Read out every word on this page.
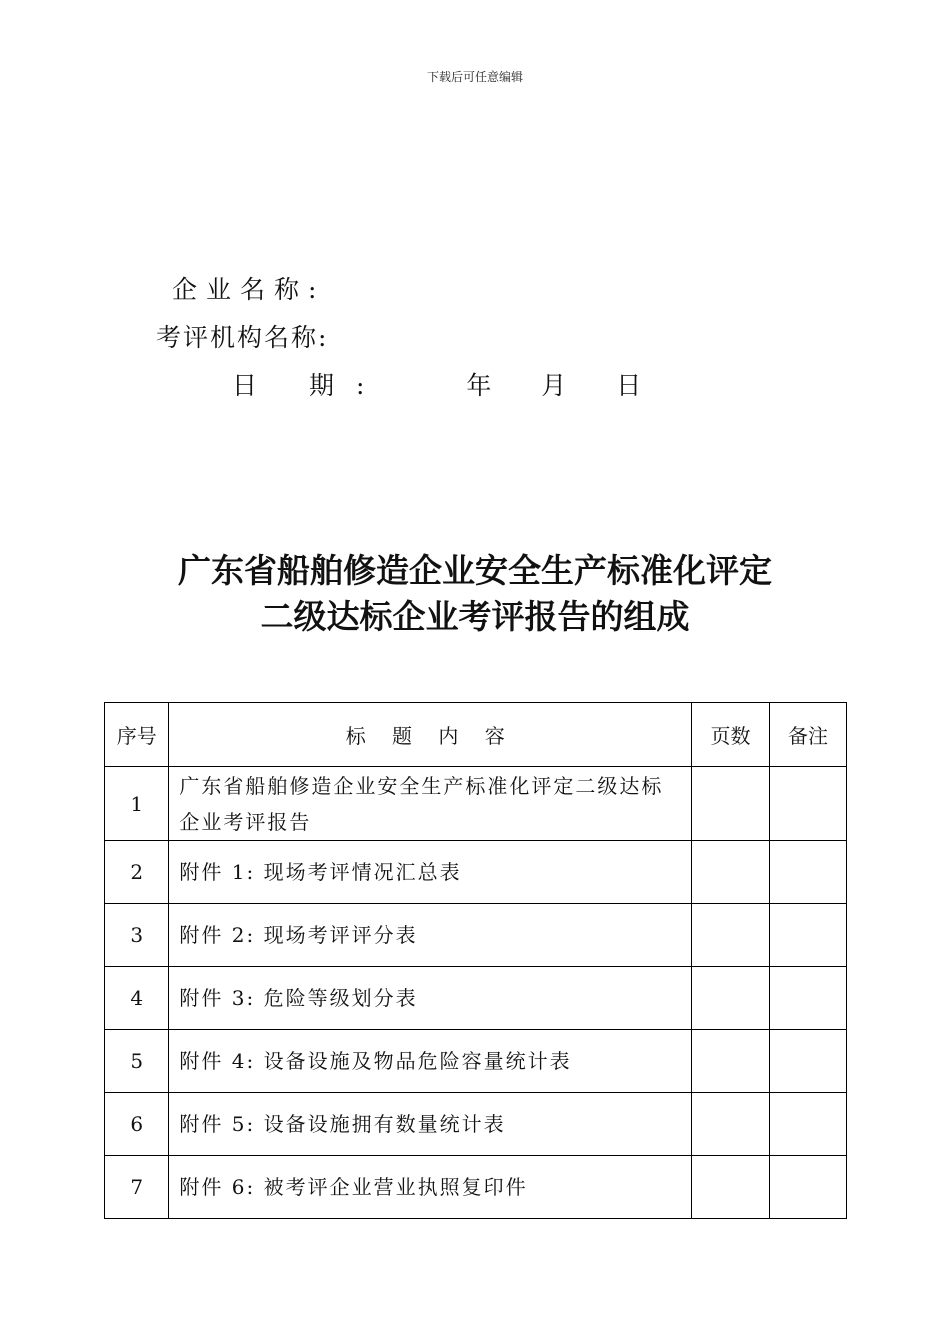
下载后可任意编辑
企业名称:
考评机构名称:
日 期:	年 月 日
广东省船舶修造企业安全生产标准化评定
二级达标企业考评报告的组成
序号	标 题 内 容	页数	备注
1	广东省船舶修造企业安全生产标准化评定二级达标企业考评报告		
2	附件 1: 现场考评情况汇总表		
3	附件 2: 现场考评评分表		
4	附件 3: 危险等级划分表		
5	附件 4: 设备设施及物品危险容量统计表		
6	附件 5: 设备设施拥有数量统计表		
7	附件 6: 被考评企业营业执照复印件		
